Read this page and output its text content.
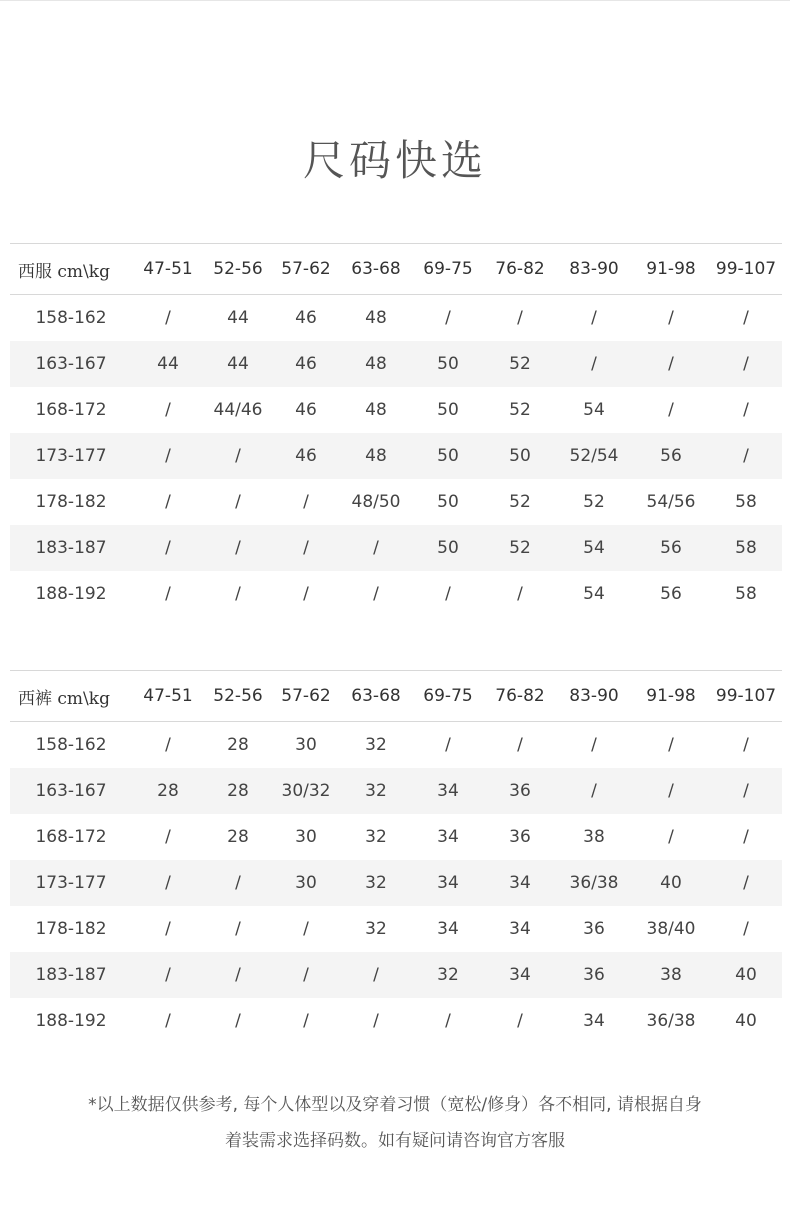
尺码快选
西服 cm\kg	47-51	52-56	57-62	63-68	69-75	76-82	83-90	91-98	99-107
158-162	/	44	46	48	/	/	/	/	/
163-167	44	44	46	48	50	52	/	/	/
168-172	/	44/46	46	48	50	52	54	/	/
173-177	/	/	46	48	50	50	52/54	56	/
178-182	/	/	/	48/50	50	52	52	54/56	58
183-187	/	/	/	/	50	52	54	56	58
188-192	/	/	/	/	/	/	54	56	58
西裤 cm\kg	47-51	52-56	57-62	63-68	69-75	76-82	83-90	91-98	99-107
158-162	/	28	30	32	/	/	/	/	/
163-167	28	28	30/32	32	34	36	/	/	/
168-172	/	28	30	32	34	36	38	/	/
173-177	/	/	30	32	34	34	36/38	40	/
178-182	/	/	/	32	34	34	36	38/40	/
183-187	/	/	/	/	32	34	36	38	40
188-192	/	/	/	/	/	/	34	36/38	40
*以上数据仅供参考, 每个人体型以及穿着习惯（宽松/修身）各不相同, 请根据自身
着装需求选择码数。如有疑问请咨询官方客服
